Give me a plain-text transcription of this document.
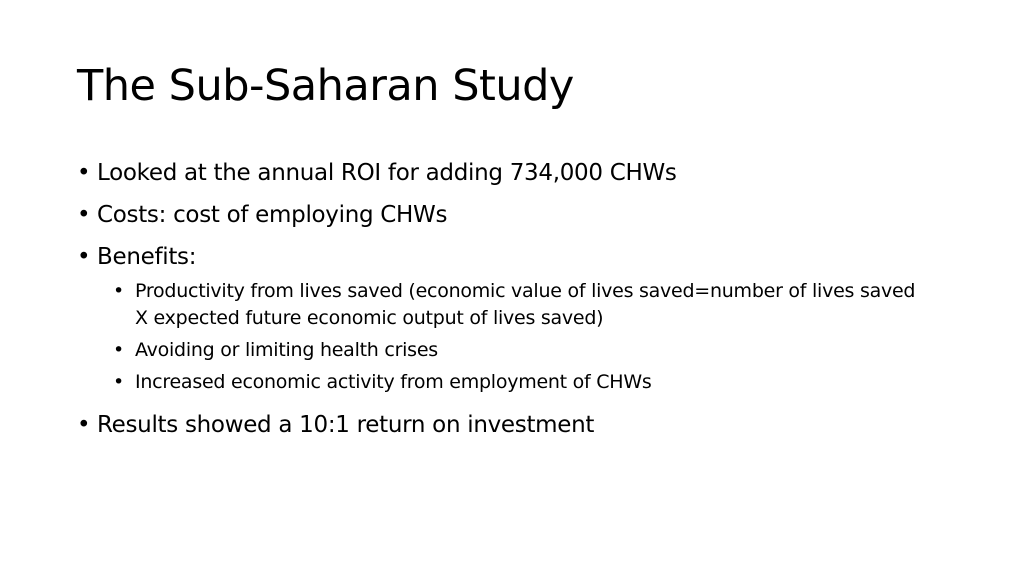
The Sub-Saharan Study
• Looked at the annual ROI for adding 734,000 CHWs
• Costs: cost of employing CHWs
• Benefits:
• Productivity from lives saved (economic value of lives saved=number of lives saved X expected future economic output of lives saved)
• Avoiding or limiting health crises
• Increased economic activity from employment of CHWs
• Results showed a 10:1 return on investment
